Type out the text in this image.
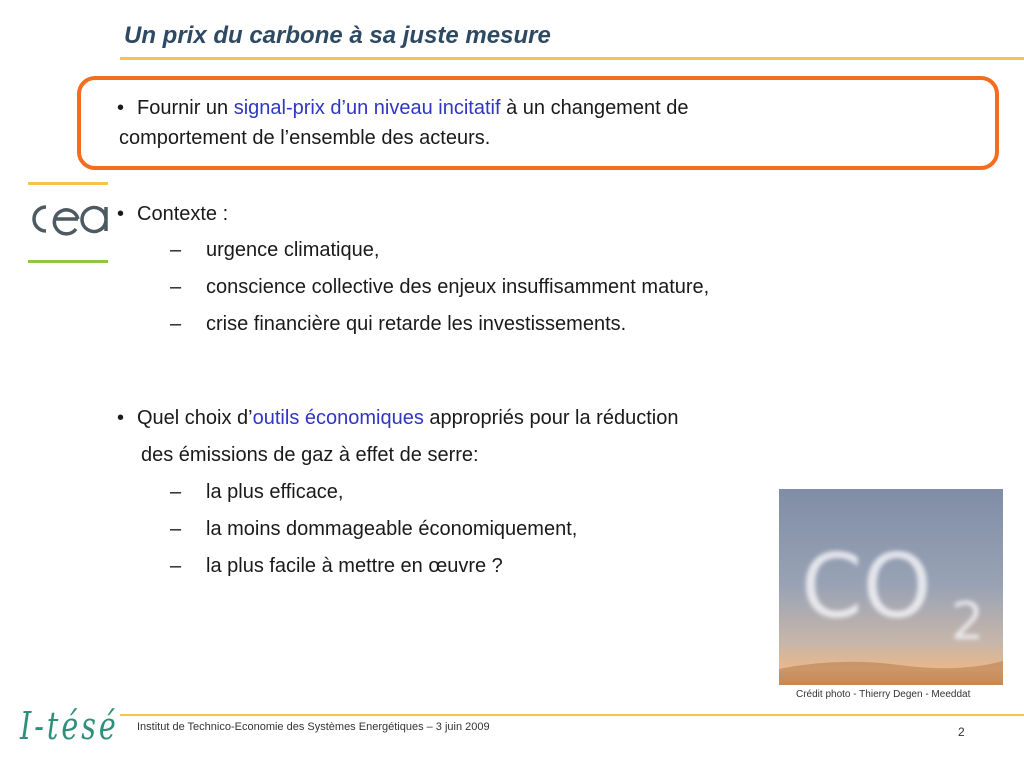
Un prix du carbone à sa juste mesure
• Fournir un signal-prix d’un niveau incitatif à un changement de
comportement de l’ensemble des acteurs.
• Contexte :
– urgence climatique,
– conscience collective des enjeux insuffisamment mature,
– crise financière qui retarde les investissements.
• Quel choix d’outils économiques appropriés pour la réduction
des émissions de gaz à effet de serre:
– la plus efficace,
– la moins dommageable économiquement,
– la plus facile à mettre en œuvre ?	CO 2
Crédit photo - Thierry Degen - Meeddat
I-tésé Institut de Technico-Economie des Systèmes Energétiques – 3 juin 2009	2
